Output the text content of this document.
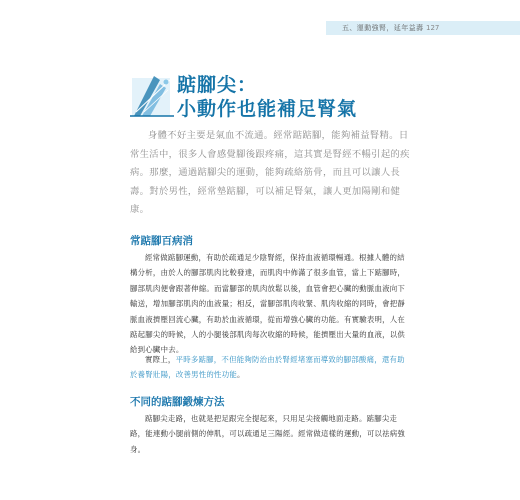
五、運動強腎，延年益壽 127
踮腳尖：
小動作也能補足腎氣
身體不好主要是氣血不流通。經常踮踮腳，能夠補益腎精。日常生活中，很多人會感覺腳後跟疼痛，這其實是腎經不暢引起的疾病。那麼，通過踮腳尖的運動，能夠疏絡筋骨，而且可以讓人長壽。對於男性，經常墊踮腳，可以補足腎氣，讓人更加陽剛和健康。
常踮腳百病消
經常做踮腳運動，有助於疏通足少陰腎經，保持血液循環暢通。根據人體的結構分析，由於人的腳部肌肉比較發達，而肌肉中佈滿了很多血管，當上下踮腳時，腳部肌肉便會跟著伸縮。而當腳部的肌肉放鬆以後，血管會把心臟的動脈血液向下輸送，增加腳部肌肉的血液量；相反，當腳部肌肉收緊、肌肉收縮的同時，會把靜脈血液擠壓回流心臟，有助於血液循環，從而增強心臟的功能。有實驗表明，人在踮起腳尖的時候，人的小腿後部肌肉每次收縮的時候，能擠壓出大量的血液，以供給到心臟中去。
實際上，平時多踮腳，不但能夠防治由於腎經堵塞而導致的腳部酸痛，還有助於養腎壯陽，改善男性的性功能。
不同的踮腳鍛煉方法
踮腳尖走路，也就是把足跟完全提起來，只用足尖接觸地面走路。踮腳尖走路，能連動小腿前側的伸肌，可以疏通足三陽經。經常做這樣的運動，可以祛病強身。
